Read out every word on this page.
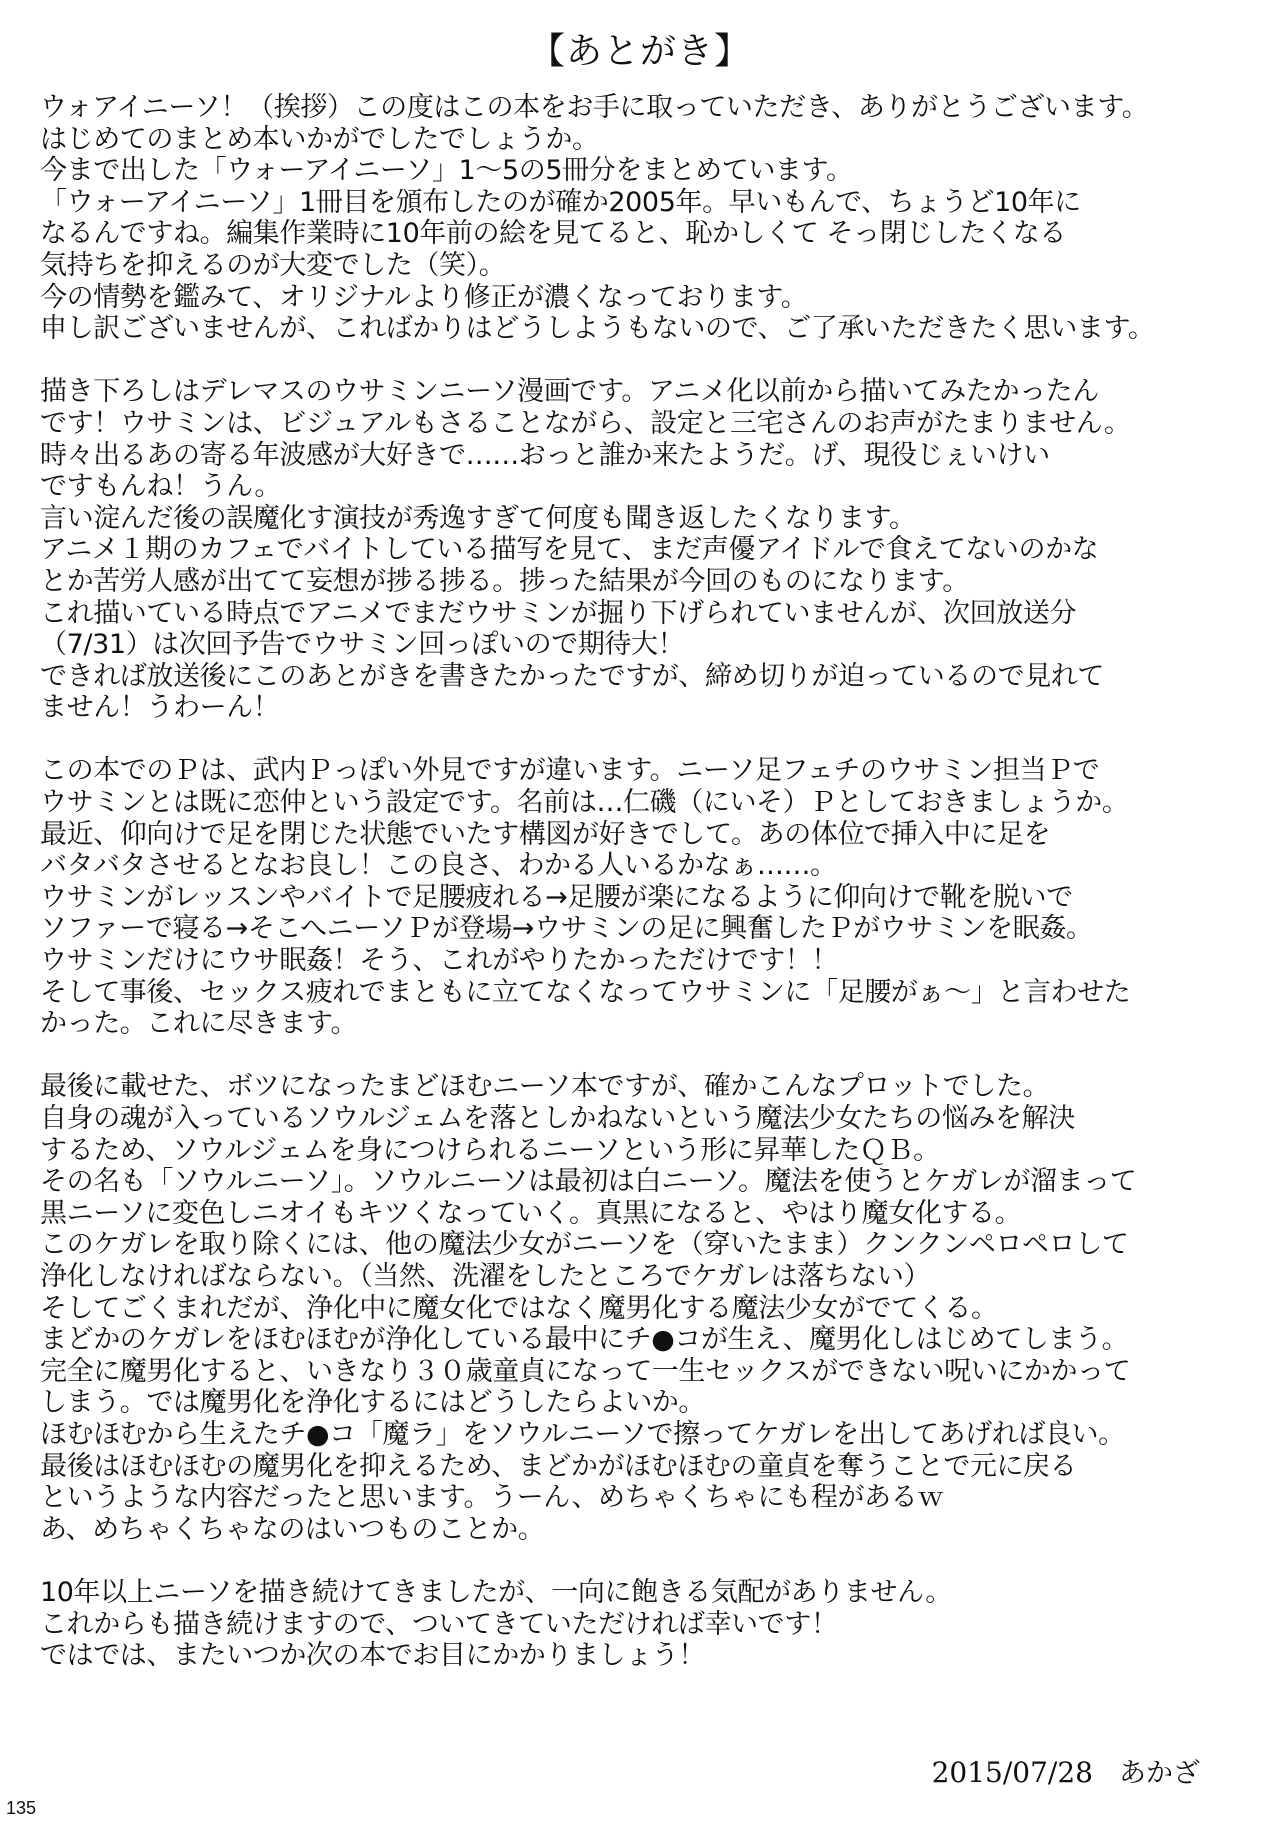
【あとがき】
ウォアイニーソ！（挨拶）この度はこの本をお手に取っていただき、ありがとうございます。
はじめてのまとめ本いかがでしたでしょうか。
今まで出した「ウォーアイニーソ」1～5の5冊分をまとめています。
「ウォーアイニーソ」1冊目を頒布したのが確か2005年。早いもんで、ちょうど10年に
なるんですね。編集作業時に10年前の絵を見てると、恥かしくて そっ閉じしたくなる
気持ちを抑えるのが大変でした（笑）。
今の情勢を鑑みて、オリジナルより修正が濃くなっております。
申し訳ございませんが、こればかりはどうしようもないので、ご了承いただきたく思います。
描き下ろしはデレマスのウサミンニーソ漫画です。アニメ化以前から描いてみたかったん
です！ウサミンは、ビジュアルもさることながら、設定と三宅さんのお声がたまりません。
時々出るあの寄る年波感が大好きで……おっと誰か来たようだ。げ、現役じぇいけい
ですもんね！うん。
言い淀んだ後の誤魔化す演技が秀逸すぎて何度も聞き返したくなります。
アニメ１期のカフェでバイトしている描写を見て、まだ声優アイドルで食えてないのかな
とか苦労人感が出てて妄想が捗る捗る。捗った結果が今回のものになります。
これ描いている時点でアニメでまだウサミンが掘り下げられていませんが、次回放送分
（7/31）は次回予告でウサミン回っぽいので期待大！
できれば放送後にこのあとがきを書きたかったですが、締め切りが迫っているので見れて
ません！うわーん！
この本でのＰは、武内Ｐっぽい外見ですが違います。ニーソ足フェチのウサミン担当Ｐで
ウサミンとは既に恋仲という設定です。名前は…仁磯（にいそ）Ｐとしておきましょうか。
最近、仰向けで足を閉じた状態でいたす構図が好きでして。あの体位で挿入中に足を
バタバタさせるとなお良し！この良さ、わかる人いるかなぁ……。
ウサミンがレッスンやバイトで足腰疲れる→足腰が楽になるように仰向けで靴を脱いで
ソファーで寝る→そこへニーソＰが登場→ウサミンの足に興奮したＰがウサミンを眠姦。
ウサミンだけにウサ眠姦！そう、これがやりたかっただけです！！
そして事後、セックス疲れでまともに立てなくなってウサミンに「足腰がぁ～」と言わせた
かった。これに尽きます。
最後に載せた、ボツになったまどほむニーソ本ですが、確かこんなプロットでした。
自身の魂が入っているソウルジェムを落としかねないという魔法少女たちの悩みを解決
するため、ソウルジェムを身につけられるニーソという形に昇華したＱＢ。
その名も「ソウルニーソ」。ソウルニーソは最初は白ニーソ。魔法を使うとケガレが溜まって
黒ニーソに変色しニオイもキツくなっていく。真黒になると、やはり魔女化する。
このケガレを取り除くには、他の魔法少女がニーソを（穿いたまま）クンクンペロペロして
浄化しなければならない。（当然、洗濯をしたところでケガレは落ちない）
そしてごくまれだが、浄化中に魔女化ではなく魔男化する魔法少女がでてくる。
まどかのケガレをほむほむが浄化している最中にチ●コが生え、魔男化しはじめてしまう。
完全に魔男化すると、いきなり３０歳童貞になって一生セックスができない呪いにかかって
しまう。では魔男化を浄化するにはどうしたらよいか。
ほむほむから生えたチ●コ「魔ラ」をソウルニーソで擦ってケガレを出してあげれば良い。
最後はほむほむの魔男化を抑えるため、まどかがほむほむの童貞を奪うことで元に戻る
というような内容だったと思います。うーん、めちゃくちゃにも程があるｗ
あ、めちゃくちゃなのはいつものことか。
10年以上ニーソを描き続けてきましたが、一向に飽きる気配がありません。
これからも描き続けますので、ついてきていただければ幸いです！
ではでは、またいつか次の本でお目にかかりましょう！
2015/07/28 あかざ
135
